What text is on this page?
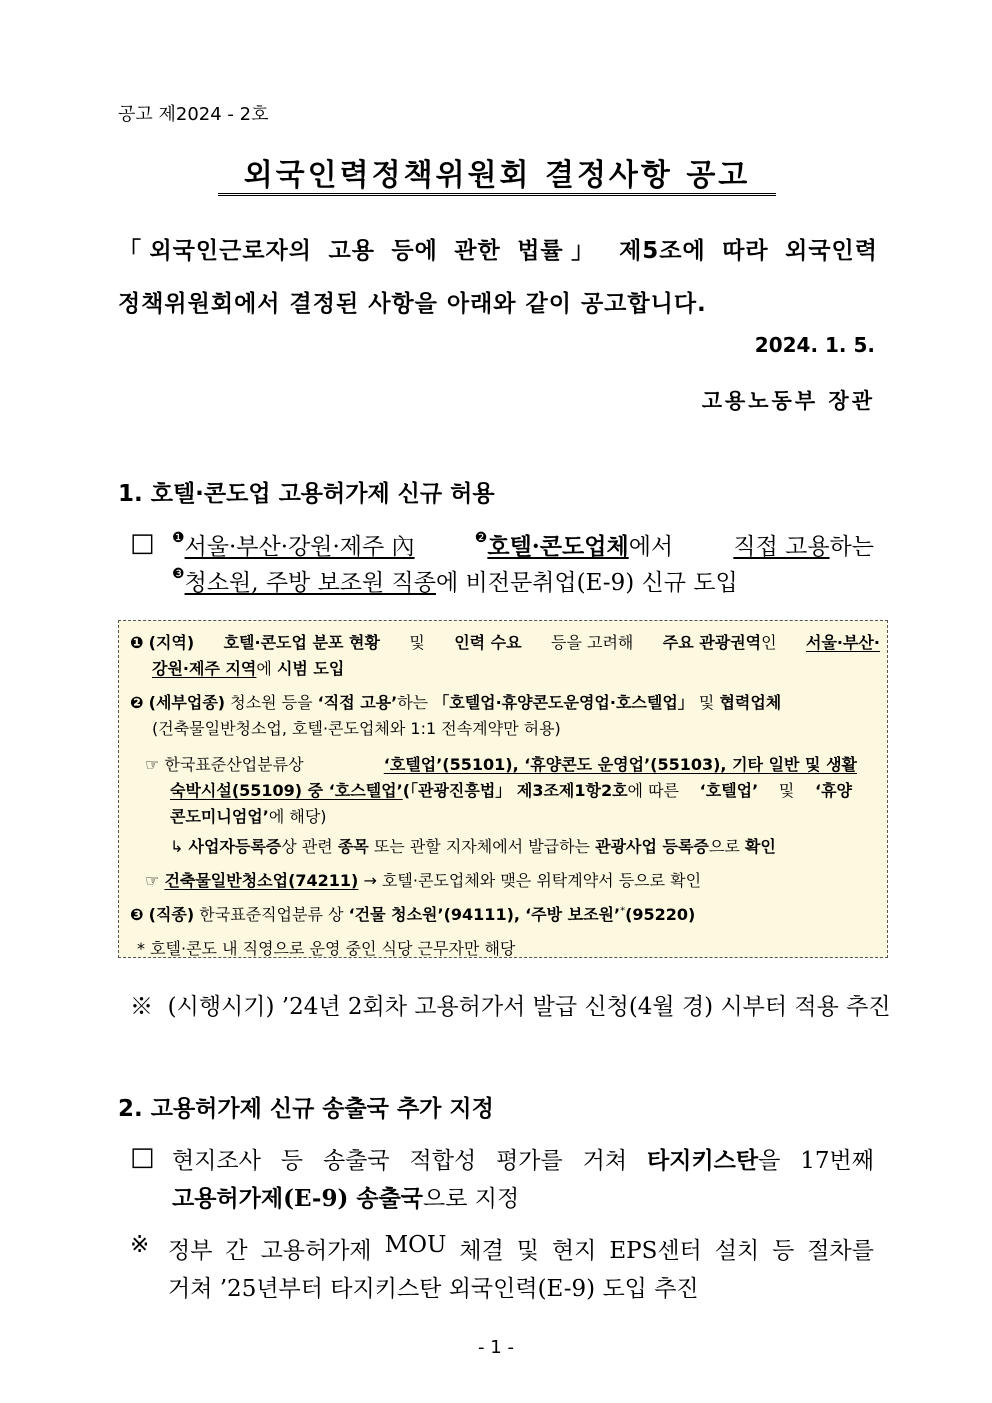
공고 제2024 - 2호
외국인력정책위원회 결정사항 공고
「외국인근로자의 고용 등에 관한 법률」 제5조에 따라 외국인력
정책위원회에서 결정된 사항을 아래와 같이 공고합니다.
2024. 1. 5.
고용노동부 장관
1. 호텔·콘도업 고용허가제 신규 허용
□ $^❶$서울·부산·강원·제주 內	$^❷$호텔·콘도업체에서	직접 고용하는
$^❸$청소원, 주방 보조원 직종에 비전문취업(E-9) 신규 도입
❶ (지역) 호텔·콘도업 분포 현황 및 인력 수요 등을 고려해 주요 관광권역인 서울·부산·
강원·제주 지역에 시범 도입
❷ (세부업종) 청소원 등을 ‘직접 고용’하는 「호텔업·휴양콘도운영업·호스텔업」 및 협력업체
(건축물일반청소업, 호텔·콘도업체와 1:1 전속계약만 허용)
☞ 한국표준산업분류상	‘호텔업’(55101), ‘휴양콘도 운영업’(55103), 기타 일반 및 생활
숙박시설(55109) 중 ‘호스텔업’(「관광진흥법」 제3조제1항2호에 따른 ‘호텔업’ 및 ‘휴양
콘도미니엄업’에 해당)
↳ 사업자등록증상 관련 종목 또는 관할 지자체에서 발급하는 관광사업 등록증으로 확인
☞ 건축물일반청소업(74211) → 호텔·콘도업체와 맺은 위탁계약서 등으로 확인
❸ (직종) 한국표준직업분류 상 ‘건물 청소원’(94111), ‘주방 보조원’*(95220)
* 호텔·콘도 내 직영으로 운영 중인 식당 근무자만 해당
※ (시행시기) ’24년 2회차 고용허가서 발급 신청(4월 경) 시부터 적용 추진
2. 고용허가제 신규 송출국 추가 지정
□ 현지조사 등 송출국 적합성 평가를 거쳐 타지키스탄을 17번째
고용허가제(E-9) 송출국으로 지정
※ 정부 간 고용허가제 MOU 체결 및 현지 EPS센터 설치 등 절차를
거쳐 ’25년부터 타지키스탄 외국인력(E-9) 도입 추진
- 1 -
